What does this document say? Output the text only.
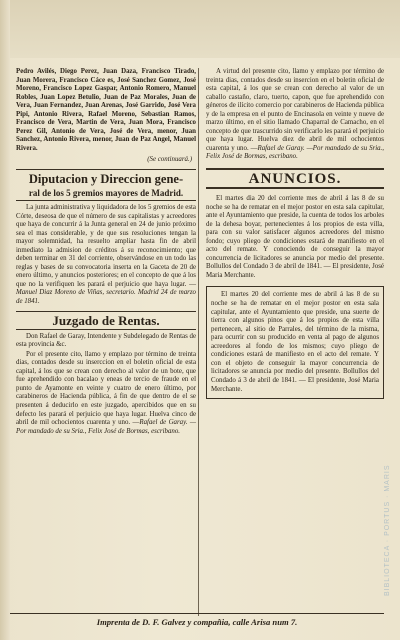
Pedro Avilés, Diego Perez, Juan Daza, Francisco Tirado, Juan Morera, Francisco Cáce es, José Sanchez Gomez, José Moreno, Francisco Lopez Gaspar, Antonio Romero, Manuel Robles, Juan Lopez Betulio, Juan de Paz Morales, Juan de Vera, Juan Fernandez, Juan Arenas, José Garrido, José Vera Pipi, Antonio Rivera, Rafael Moreno, Sebastian Ramos, Francisco de Vera, Martin de Vera, Juan Mora, Francisco Perez Gil, Antonio de Vera, José de Vera, menor, Juan Sanchez, Antonio Rivera, menor, Juan de Paz Angel, Manuel Rivera.

(Se continuará.)
Diputacion y Direccion gene-
ral de los 5 gremios mayores de Madrid.

La junta administrativa y liquidadora de los 5 gremios de esta Córte, deseosa de que el número de sus capitalistas y acreedores que haya de concurrir á la Junta general en 24 de junio próximo sea el mas considerable, y de que sus resoluciones tengan la mayor solemnidad, ha resuelto ampliar hasta fin de abril inmediato la admision de créditos á su reconocimiento; que deben terminar en 31 del corriente, observándose en un todo las reglas y bases de su convocatoria inserta en la Gaceta de 20 de enero último, y anuncios posteriores; en el concepto de que á los que no la verifiquen les parará el perjuicio que haya lugar. —Manuel Diaz Moreno de Viñas, secretario. Madrid 24 de marzo de 1841.

Juzgado de Rentas.

Don Rafael de Garay, Intendente y Subdelegado de Rentas de esta provincia &c.

Por el presente cito, llamo y emplazo por término de treinta dias, contados desde su inserccion en el boletin oficial de esta capital, á los que se crean con derecho al valor de un bote, que fue aprehendido con bacalao y eneas de tercio de fraude en el punto de Ayamonte en veinte y cuatro de enero último, por carabineros de Hacienda pública, á fin de que dentro de el se presenten á deducirlo en este juzgado, apercibidos que en su defecto les parará el perjuicio que haya lugar. Huelva cinco de abril de mil ochocientos cuarenta y uno. —Rafael de Garay. —Por mandado de su Sria., Felix José de Bormas, escribano.

A virtud del presente cito, llamo y emplazo por término de treinta dias, contados desde su insercion en el boletin oficial de esta capital, á los que se crean con derecho al valor de un caballo castaño, claro, tuerto, capon, que fue aprehendido con géneros de ilícito comercio por carabineros de Hacienda pública y de la empresa en el punto de Encinasola en veinte y nueve de marzo último, en el sitio llamado Chaparral de Camacho, en el concepto de que trascurrido sin verificarlo les parará el perjuicio que haya lugar. Huelva diez de abril de mil ochocientos cuarenta y uno. —Rafael de Garay. —Por mandado de su Sria., Felix José de Bormas, escribano.

ANUNCIOS.

El martes dia 20 del corriente mes de abril á las 8 de su noche se ha de rematar en el mejor postor en esta sala capitular, ante el Ayuntamiento que preside, la cuenta de todos los arboles de la dehesa boyar, pertenecientes á los propios de esta villa, para con su valor satisfacer algunos acreedores del mismo fondo; cuyo pliego de condiciones estará de manifiesto en el acto del remate. Y conociendo de conseguir la mayor concurrencia de licitadores se anuncia por medio del presente. Bollullos del Condado 3 de abril de 1841. — El presidente, José Maria Merchante.

El martes 20 del corriente mes de abril á las 8 de su noche se ha de rematar en el mejor postor en esta sala capitular, ante el Ayuntamiento que preside, una suerte de tierra con algunos pinos que á los propios de esta villa pertenecen, al sitio de Parrales, del término de la misma, para ocurrir con su producido en venta al pago de algunos acreedores al fondo de los mismos; cuyo pliego de condiciones estará de manifiesto en el acto del remate. Y con el objeto de conseguir la mayor concurrencia de licitadores se anuncia por medio del presente. Bollullos del Condado á 3 de abril de 1841. — El presidente, José Maria Merchante.

BIBLIOTECA · PORTUS · MARIS
Imprenta de D. F. Galvez y compañia, calle Arisa num 7.
